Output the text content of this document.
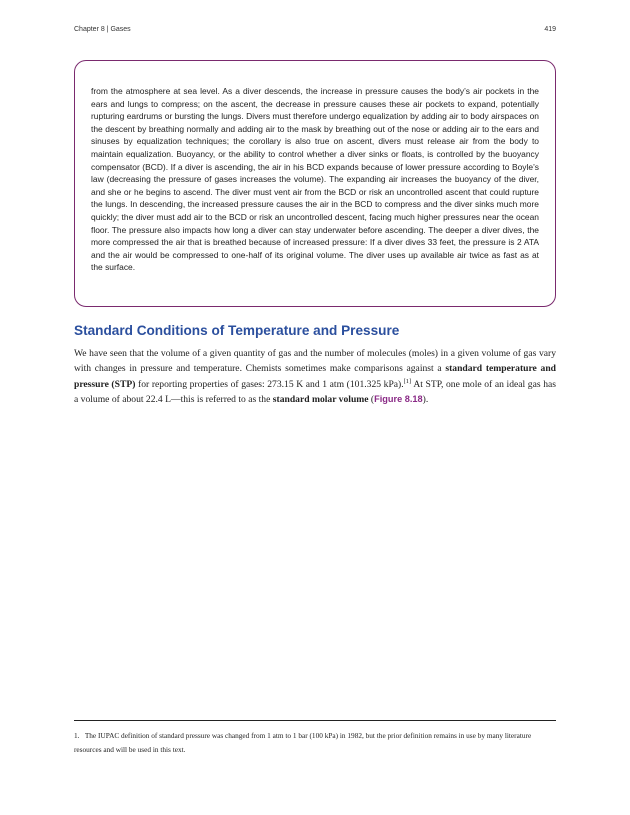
Chapter 8 | Gases	419

from the atmosphere at sea level. As a diver descends, the increase in pressure causes the body’s air pockets in the ears and lungs to compress; on the ascent, the decrease in pressure causes these air pockets to expand, potentially rupturing eardrums or bursting the lungs. Divers must therefore undergo equalization by adding air to body airspaces on the descent by breathing normally and adding air to the mask by breathing out of the nose or adding air to the ears and sinuses by equalization techniques; the corollary is also true on ascent, divers must release air from the body to maintain equalization. Buoyancy, or the ability to control whether a diver sinks or floats, is controlled by the buoyancy compensator (BCD). If a diver is ascending, the air in his BCD expands because of lower pressure according to Boyle’s law (decreasing the pressure of gases increases the volume). The expanding air increases the buoyancy of the diver, and she or he begins to ascend. The diver must vent air from the BCD or risk an uncontrolled ascent that could rupture the lungs. In descending, the increased pressure causes the air in the BCD to compress and the diver sinks much more quickly; the diver must add air to the BCD or risk an uncontrolled descent, facing much higher pressures near the ocean floor. The pressure also impacts how long a diver can stay underwater before ascending. The deeper a diver dives, the more compressed the air that is breathed because of increased pressure: If a diver dives 33 feet, the pressure is 2 ATA and the air would be compressed to one-half of its original volume. The diver uses up available air twice as fast as at the surface.

Standard Conditions of Temperature and Pressure

We have seen that the volume of a given quantity of gas and the number of molecules (moles) in a given volume of gas vary with changes in pressure and temperature. Chemists sometimes make comparisons against a standard temperature and pressure (STP) for reporting properties of gases: 273.15 K and 1 atm (101.325 kPa).[1] At STP, one mole of an ideal gas has a volume of about 22.4 L—this is referred to as the standard molar volume (Figure 8.18).

1. The IUPAC definition of standard pressure was changed from 1 atm to 1 bar (100 kPa) in 1982, but the prior definition remains in use by many literature resources and will be used in this text.
